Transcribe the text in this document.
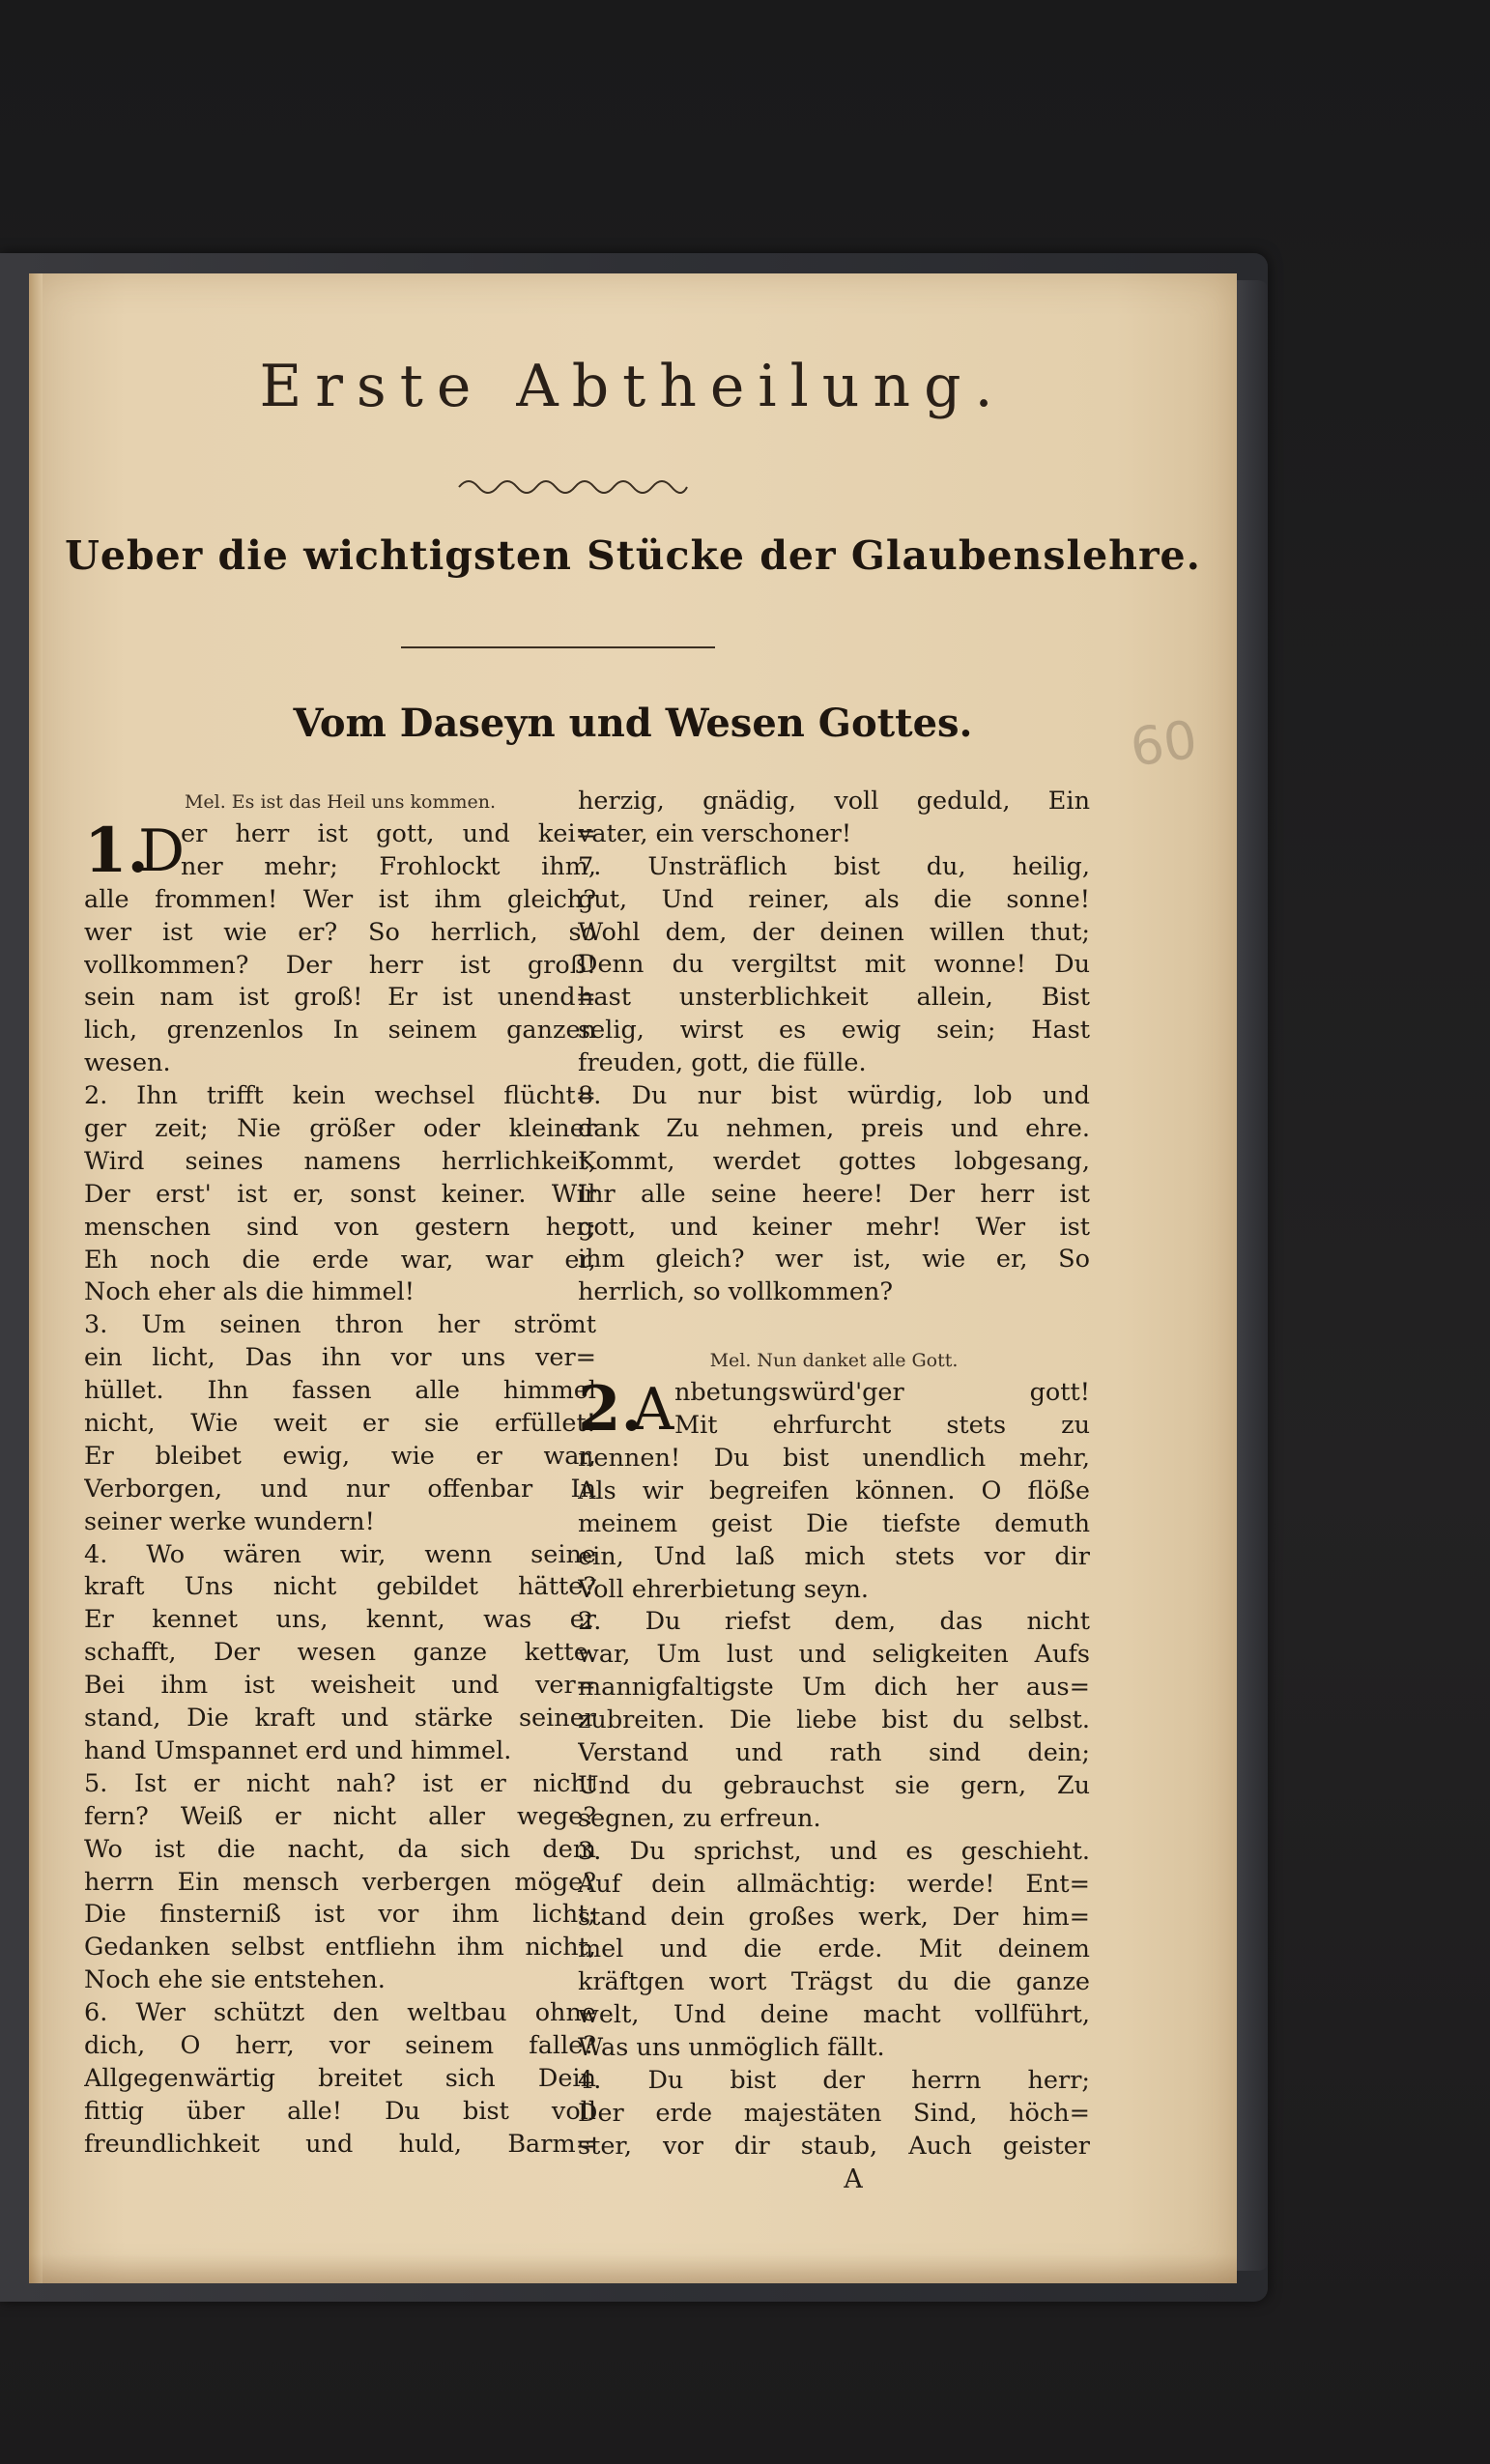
Erste Abtheilung.
Ueber die wichtigsten Stücke der Glaubenslehre.
Vom Daseyn und Wesen Gottes.	60
Mel. Es ist das Heil uns kommen.
1.
D
er herr ist gott, und kei=
ner mehr; Frohlockt ihm,
alle frommen! Wer ist ihm gleich?
wer ist wie er? So herrlich, so
vollkommen? Der herr ist groß!
sein nam ist groß! Er ist unend=
lich, grenzenlos In seinem ganzen
wesen.
2. Ihn trifft kein wechsel flücht=
ger zeit; Nie größer oder kleiner
Wird seines namens herrlichkeit,
Der erst' ist er, sonst keiner. Wir
menschen sind von gestern her;
Eh noch die erde war, war er,
Noch eher als die himmel!
3. Um seinen thron her strömt
ein licht, Das ihn vor uns ver=
hüllet. Ihn fassen alle himmel
nicht, Wie weit er sie erfüllet!
Er bleibet ewig, wie er war,
Verborgen, und nur offenbar In
seiner werke wundern!
4. Wo wären wir, wenn seine
kraft Uns nicht gebildet hätte?
Er kennet uns, kennt, was er
schafft, Der wesen ganze kette.
Bei ihm ist weisheit und ver=
stand, Die kraft und stärke seiner
hand Umspannet erd und himmel.
5. Ist er nicht nah? ist er nicht
fern? Weiß er nicht aller wege?
Wo ist die nacht, da sich dem
herrn Ein mensch verbergen möge?
Die finsterniß ist vor ihm licht;
Gedanken selbst entfliehn ihm nicht,
Noch ehe sie entstehen.
6. Wer schützt den weltbau ohne
dich, O herr, vor seinem falle?
Allgegenwärtig breitet sich Dein
fittig über alle! Du bist voll
freundlichkeit und huld, Barm=
herzig, gnädig, voll geduld, Ein
vater, ein verschoner!
7. Unsträflich bist du, heilig,
gut, Und reiner, als die sonne!
Wohl dem, der deinen willen thut;
Denn du vergiltst mit wonne! Du
hast unsterblichkeit allein, Bist
selig, wirst es ewig sein; Hast
freuden, gott, die fülle.
8. Du nur bist würdig, lob und
dank Zu nehmen, preis und ehre.
Kommt, werdet gottes lobgesang,
Ihr alle seine heere! Der herr ist
gott, und keiner mehr! Wer ist
ihm gleich? wer ist, wie er, So
herrlich, so vollkommen?
Mel. Nun danket alle Gott.
2.
A nbetungswürd'ger gott!
Mit ehrfurcht stets zu
nennen! Du bist unendlich mehr,
Als wir begreifen können. O flöße
meinem geist Die tiefste demuth
ein, Und laß mich stets vor dir
Voll ehrerbietung seyn.
2. Du riefst dem, das nicht
war, Um lust und seligkeiten Aufs
mannigfaltigste Um dich her aus=
zubreiten. Die liebe bist du selbst.
Verstand und rath sind dein;
Und du gebrauchst sie gern, Zu
segnen, zu erfreun.
3. Du sprichst, und es geschieht.
Auf dein allmächtig: werde! Ent=
stand dein großes werk, Der him=
mel und die erde. Mit deinem
kräftgen wort Trägst du die ganze
welt, Und deine macht vollführt,
Was uns unmöglich fällt.
4. Du bist der herrn herr;
Der erde majestäten Sind, höch=
ster, vor dir staub, Auch geister
A
